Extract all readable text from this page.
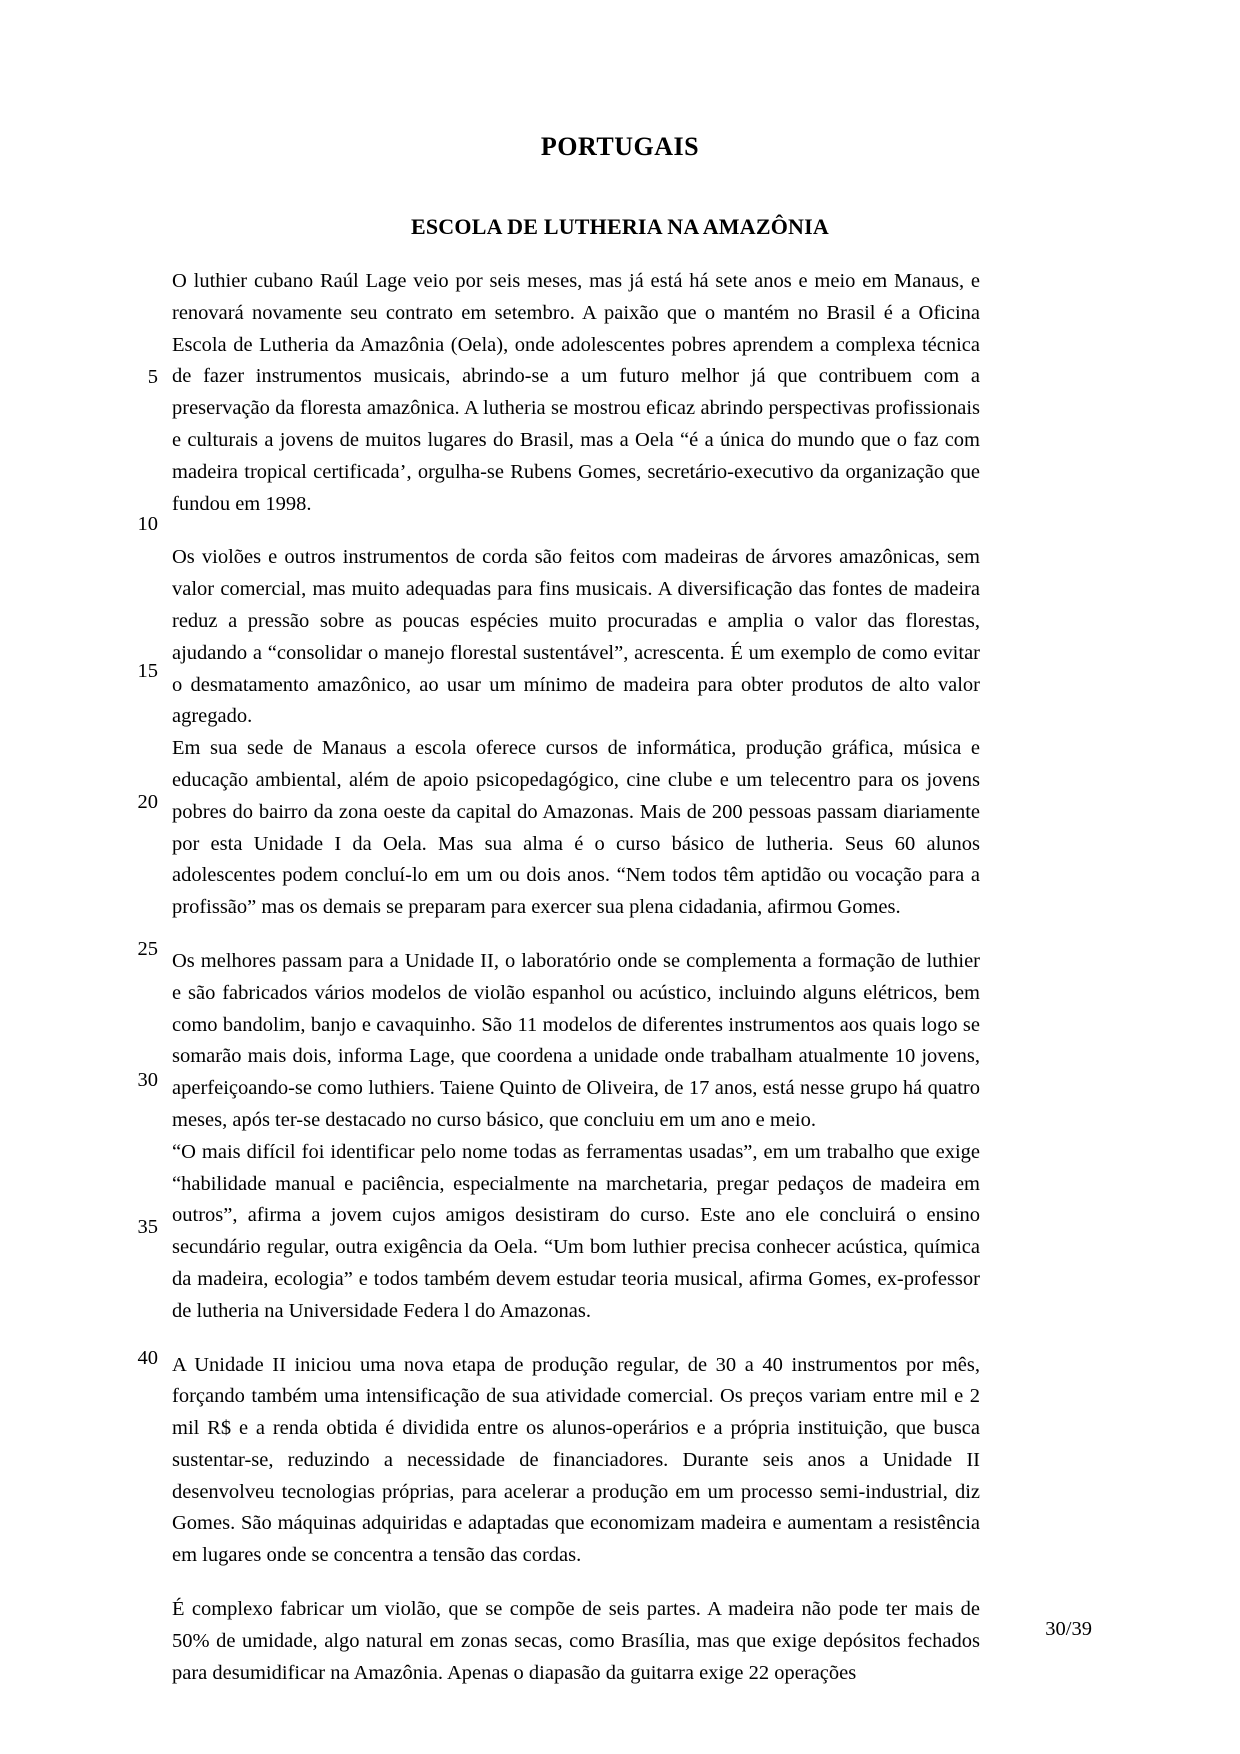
PORTUGAIS
ESCOLA DE LUTHERIA NA AMAZÔNIA

O luthier cubano Raúl Lage veio por seis meses, mas já está há sete anos e meio em Manaus, e renovará novamente seu contrato em setembro. A paixão que o mantém no Brasil é a Oficina Escola de Lutheria da Amazônia (Oela), onde adolescentes pobres aprendem a complexa técnica de fazer instrumentos musicais, abrindo-se a um futuro melhor já que contribuem com a preservação da floresta amazônica. A lutheria se mostrou eficaz abrindo perspectivas profissionais e culturais a jovens de muitos lugares do Brasil, mas a Oela “é a única do mundo que o faz com madeira tropical certificada’, orgulha-se Rubens Gomes, secretário-executivo da organização que fundou em 1998.

Os violões e outros instrumentos de corda são feitos com madeiras de árvores amazônicas, sem valor comercial, mas muito adequadas para fins musicais. A diversificação das fontes de madeira reduz a pressão sobre as poucas espécies muito procuradas e amplia o valor das florestas, ajudando a “consolidar o manejo florestal sustentável”, acrescenta. É um exemplo de como evitar o desmatamento amazônico, ao usar um mínimo de madeira para obter produtos de alto valor agregado.

Em sua sede de Manaus a escola oferece cursos de informática, produção gráfica, música e educação ambiental, além de apoio psicopedagógico, cine clube e um telecentro para os jovens pobres do bairro da zona oeste da capital do Amazonas. Mais de 200 pessoas passam diariamente por esta Unidade I da Oela. Mas sua alma é o curso básico de lutheria. Seus 60 alunos adolescentes podem concluí-lo em um ou dois anos. “Nem todos têm aptidão ou vocação para a profissão” mas os demais se preparam para exercer sua plena cidadania, afirmou Gomes.

Os melhores passam para a Unidade II, o laboratório onde se complementa a formação de luthier e são fabricados vários modelos de violão espanhol ou acústico, incluindo alguns elétricos, bem como bandolim, banjo e cavaquinho. São 11 modelos de diferentes instrumentos aos quais logo se somarão mais dois, informa Lage, que coordena a unidade onde trabalham atualmente 10 jovens, aperfeiçoando-se como luthiers. Taiene Quinto de Oliveira, de 17 anos, está nesse grupo há quatro meses, após ter-se destacado no curso básico, que concluiu em um ano e meio.

“O mais difícil foi identificar pelo nome todas as ferramentas usadas”, em um trabalho que exige “habilidade manual e paciência, especialmente na marchetaria, pregar pedaços de madeira em outros”, afirma a jovem cujos amigos desistiram do curso. Este ano ele concluirá o ensino secundário regular, outra exigência da Oela. “Um bom luthier precisa conhecer acústica, química da madeira, ecologia” e todos também devem estudar teoria musical, afirma Gomes, ex-professor de lutheria na Universidade Federa l do Amazonas.

A Unidade II iniciou uma nova etapa de produção regular, de 30 a 40 instrumentos por mês, forçando também uma intensificação de sua atividade comercial. Os preços variam entre mil e 2 mil R$ e a renda obtida é dividida entre os alunos-operários e a própria instituição, que busca sustentar-se, reduzindo a necessidade de financiadores. Durante seis anos a Unidade II desenvolveu tecnologias próprias, para acelerar a produção em um processo semi-industrial, diz Gomes. São máquinas adquiridas e adaptadas que economizam madeira e aumentam a resistência em lugares onde se concentra a tensão das cordas.

É complexo fabricar um violão, que se compõe de seis partes. A madeira não pode ter mais de 50% de umidade, algo natural em zonas secas, como Brasília, mas que exige depósitos fechados para desumidificar na Amazônia. Apenas o diapasão da guitarra exige 22 operações

5
10
15
20
25
30
35
40
30/39
